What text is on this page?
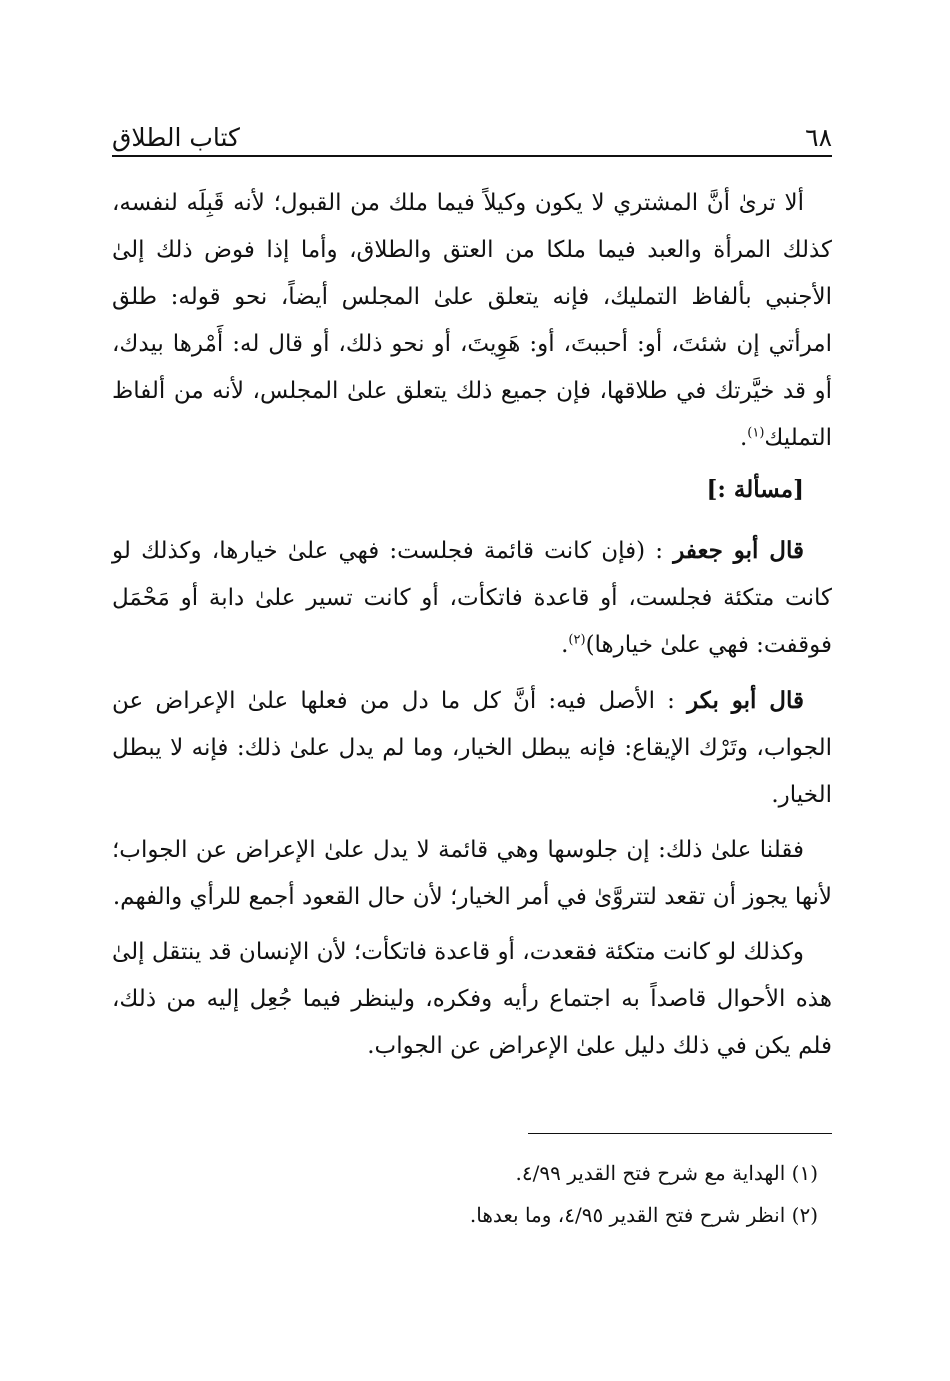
٦٨
كتاب الطلاق

ألا ترىٰ أنَّ المشتري لا يكون وكيلاً فيما ملك من القبول؛ لأنه قَبِلَه لنفسه، كذلك المرأة والعبد فيما ملكا من العتق والطلاق، وأما إذا فوض ذلك إلىٰ الأجنبي بألفاظ التمليك، فإنه يتعلق علىٰ المجلس أيضاً، نحو قوله: طلق امرأتي إن شئتَ، أو: أحببتَ، أو: هَوِيتَ، أو نحو ذلك، أو قال له: أَمْرها بيدك، أو قد خيَّرتك في طلاقها، فإن جميع ذلك يتعلق علىٰ المجلس، لأنه من ألفاظ التمليك$^{(١)}$.

[مسألة :]

قال أبو جعفر : (فإن كانت قائمة فجلست: فهي علىٰ خيارها، وكذلك لو كانت متكئة فجلست، أو قاعدة فاتكأت، أو كانت تسير علىٰ دابة أو مَحْمَل فوقفت: فهي علىٰ خيارها)$^{(٢)}$.

قال أبو بكر : الأصل فيه: أنَّ كل ما دل من فعلها علىٰ الإعراض عن الجواب، وتَرْك الإيقاع: فإنه يبطل الخيار، وما لم يدل علىٰ ذلك: فإنه لا يبطل الخيار.

فقلنا علىٰ ذلك: إن جلوسها وهي قائمة لا يدل علىٰ الإعراض عن الجواب؛ لأنها يجوز أن تقعد لتتروَّىٰ في أمر الخيار؛ لأن حال القعود أجمع للرأي والفهم.

وكذلك لو كانت متكئة فقعدت، أو قاعدة فاتكأت؛ لأن الإنسان قد ينتقل إلىٰ هذه الأحوال قاصداً به اجتماع رأيه وفكره، ولينظر فيما جُعِل إليه من ذلك، فلم يكن في ذلك دليل علىٰ الإعراض عن الجواب.

(١) الهداية مع شرح فتح القدير ٤/٩٩.
(٢) انظر شرح فتح القدير ٤/٩٥، وما بعدها.
